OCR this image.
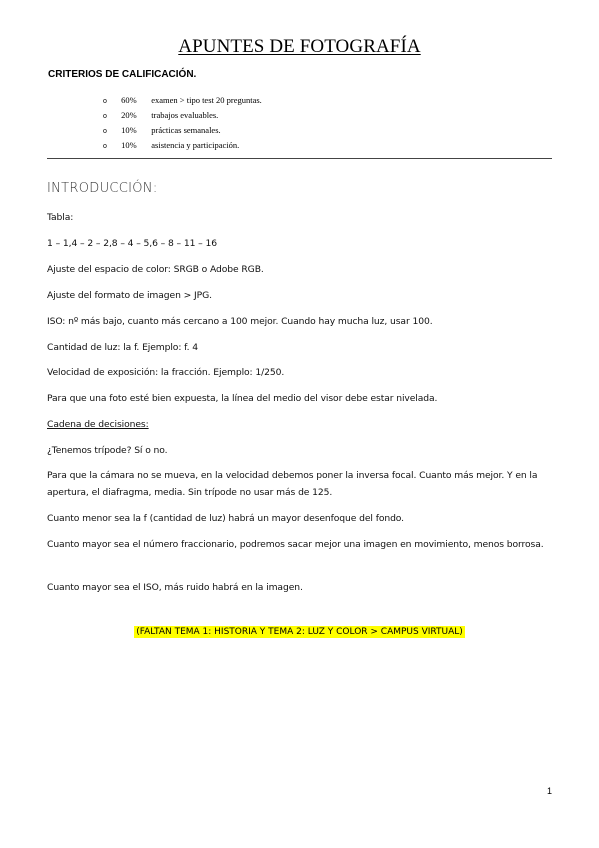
APUNTES DE FOTOGRAFÍA
CRITERIOS DE CALIFICACIÓN.
o 60% examen > tipo test 20 preguntas.
o 20% trabajos evaluables.
o 10% prácticas semanales.
o 10% asistencia y participación.
INTRODUCCIÓN:
Tabla:
1 – 1,4 – 2 – 2,8 – 4 – 5,6 – 8 – 11 – 16
Ajuste del espacio de color: SRGB o Adobe RGB.
Ajuste del formato de imagen > JPG.
ISO: nº más bajo, cuanto más cercano a 100 mejor. Cuando hay mucha luz, usar 100.
Cantidad de luz: la f. Ejemplo: f. 4
Velocidad de exposición: la fracción. Ejemplo: 1/250.
Para que una foto esté bien expuesta, la línea del medio del visor debe estar nivelada.
Cadena de decisiones:
¿Tenemos trípode? Sí o no.
Para que la cámara no se mueva, en la velocidad debemos poner la inversa focal. Cuanto más mejor. Y en la apertura, el diafragma, media. Sin trípode no usar más de 125.
Cuanto menor sea la f (cantidad de luz) habrá un mayor desenfoque del fondo.
Cuanto mayor sea el número fraccionario, podremos sacar mejor una imagen en movimiento, menos borrosa.
Cuanto mayor sea el ISO, más ruido habrá en la imagen.
(FALTAN TEMA 1: HISTORIA Y TEMA 2: LUZ Y COLOR > CAMPUS VIRTUAL)
1
